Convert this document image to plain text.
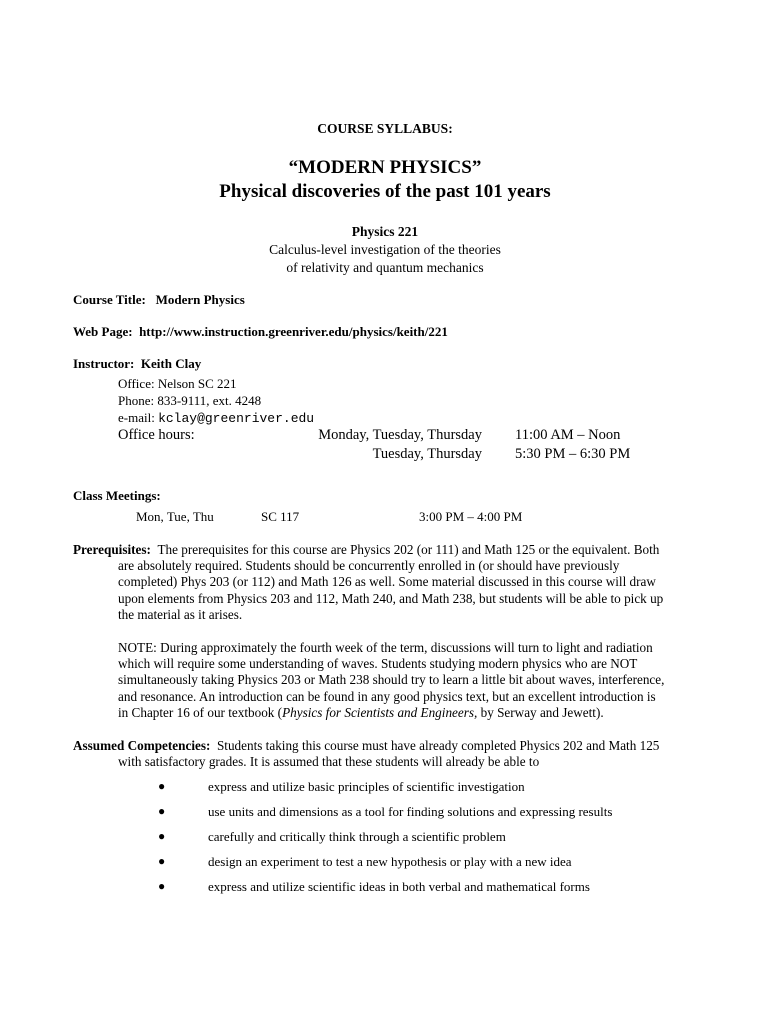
COURSE SYLLABUS:
“MODERN PHYSICS”
Physical discoveries of the past 101 years
Physics 221
Calculus-level investigation of the theories
of relativity and quantum mechanics
Course Title: Modern Physics
Web Page: http://www.instruction.greenriver.edu/physics/keith/221
Instructor: Keith Clay
Office: Nelson SC 221
Phone: 833-9111, ext. 4248
e-mail: kclay@greenriver.edu
Office hours:	Monday, Tuesday, Thursday 11:00 AM – Noon
Tuesday, Thursday 5:30 PM – 6:30 PM
Class Meetings:
Mon, Tue, Thu	SC 117	3:00 PM – 4:00 PM
Prerequisites: The prerequisites for this course are Physics 202 (or 111) and Math 125 or the equivalent. Both
are absolutely required. Students should be concurrently enrolled in (or should have previously
completed) Phys 203 (or 112) and Math 126 as well. Some material discussed in this course will draw
upon elements from Physics 203 and 112, Math 240, and Math 238, but students will be able to pick up
the material as it arises.
NOTE: During approximately the fourth week of the term, discussions will turn to light and radiation
which will require some understanding of waves. Students studying modern physics who are NOT
simultaneously taking Physics 203 or Math 238 should try to learn a little bit about waves, interference,
and resonance. An introduction can be found in any good physics text, but an excellent introduction is
in Chapter 16 of our textbook (Physics for Scientists and Engineers, by Serway and Jewett).
Assumed Competencies: Students taking this course must have already completed Physics 202 and Math 125
with satisfactory grades. It is assumed that these students will already be able to
●	express and utilize basic principles of scientific investigation
●	use units and dimensions as a tool for finding solutions and expressing results
●	carefully and critically think through a scientific problem
●	design an experiment to test a new hypothesis or play with a new idea
●	express and utilize scientific ideas in both verbal and mathematical forms
